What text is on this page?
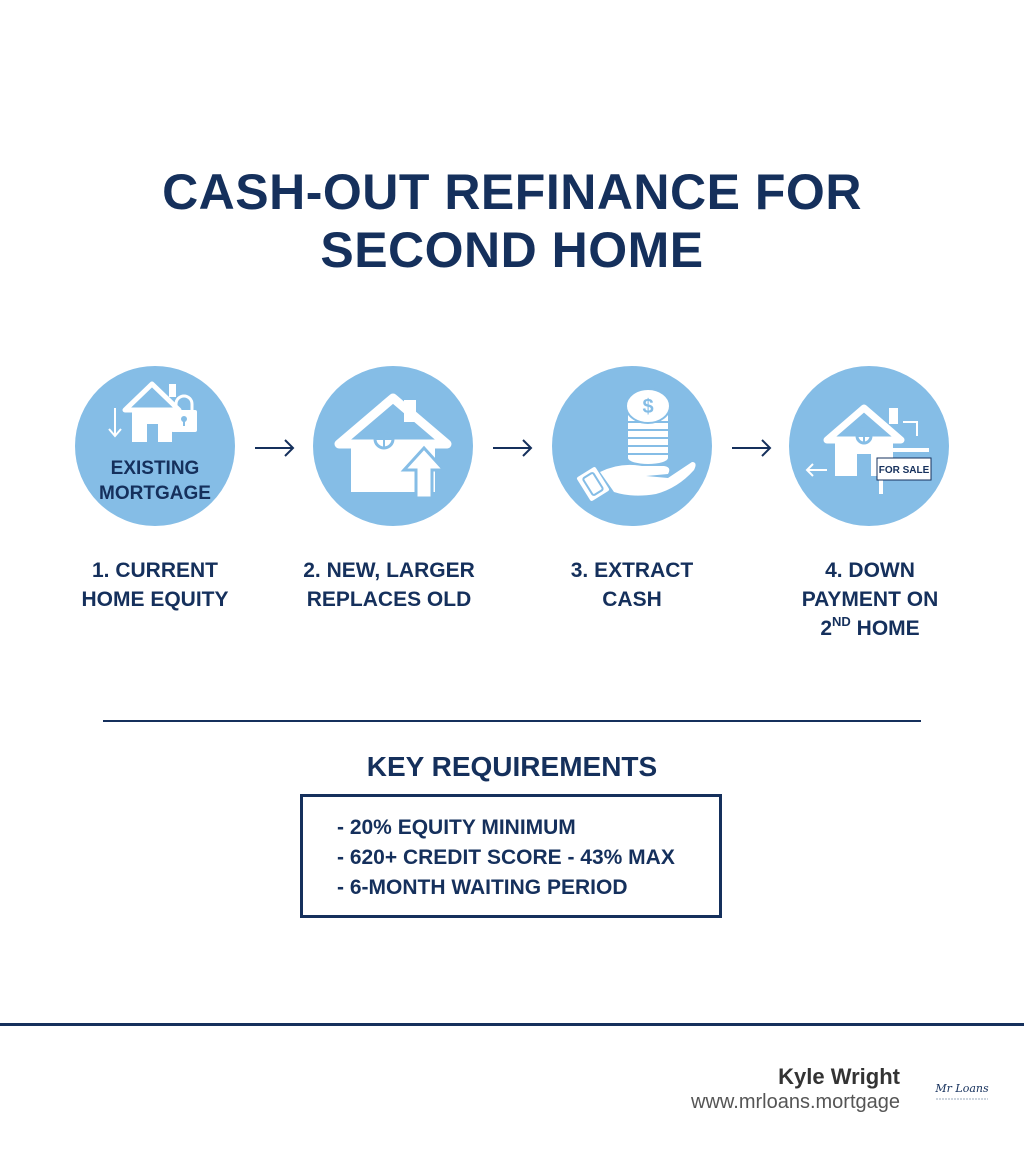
CASH-OUT REFINANCE FOR
SECOND HOME
EXISTING
MORTGAGE
$
FOR SALE
1. CURRENT
HOME EQUITY
2. NEW, LARGER
REPLACES OLD
3. EXTRACT
CASH
4. DOWN
PAYMENT ON
2ND HOME
KEY REQUIREMENTS
- 20% EQUITY MINIMUM
- 620+ CREDIT SCORE - 43% MAX
- 6-MONTH WAITING PERIOD
Kyle Wright
www.mrloans.mortgage
Mr Loans
